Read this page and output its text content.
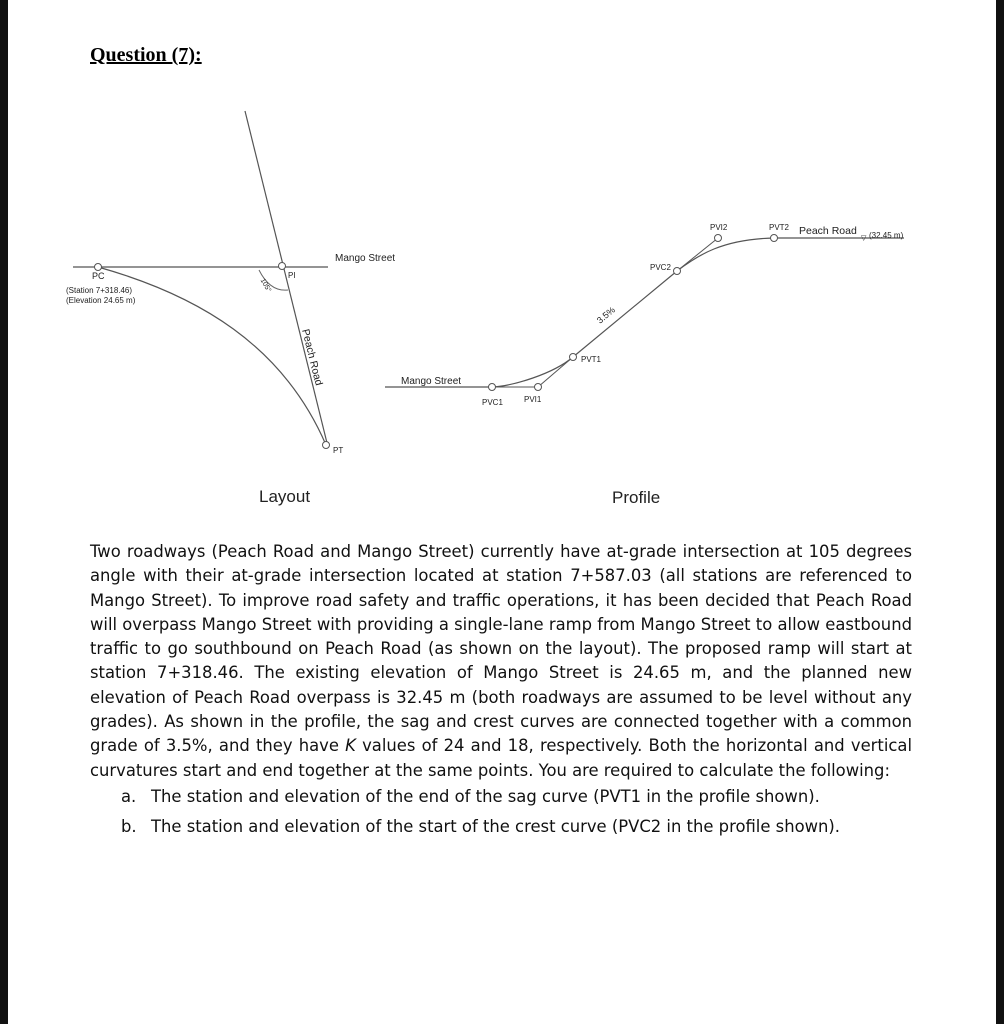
Question (7):
PC
(Station 7+318.46)
(Elevation 24.65 m)
PI
PT
Mango Street
105°
Peach Road	Mango Street
PVC1	PVI1
PVT1
3.5%
PVC2
PVI2	PVT2 Peach Road
▽ (32.45 m)
Layout	Profile

Two roadways (Peach Road and Mango Street) currently have at-grade intersection at 105 degrees angle with their at-grade intersection located at station 7+587.03 (all stations are referenced to Mango Street). To improve road safety and traffic operations, it has been decided that Peach Road will overpass Mango Street with providing a single-lane ramp from Mango Street to allow eastbound traffic to go southbound on Peach Road (as shown on the layout). The proposed ramp will start at station 7+318.46. The existing elevation of Mango Street is 24.65 m, and the planned new elevation of Peach Road overpass is 32.45 m (both roadways are assumed to be level without any grades). As shown in the profile, the sag and crest curves are connected together with a common grade of 3.5%, and they have K values of 24 and 18, respectively. Both the horizontal and vertical curvatures start and end together at the same points. You are required to calculate the following:

a. The station and elevation of the end of the sag curve (PVT1 in the profile shown).
b. The station and elevation of the start of the crest curve (PVC2 in the profile shown).
